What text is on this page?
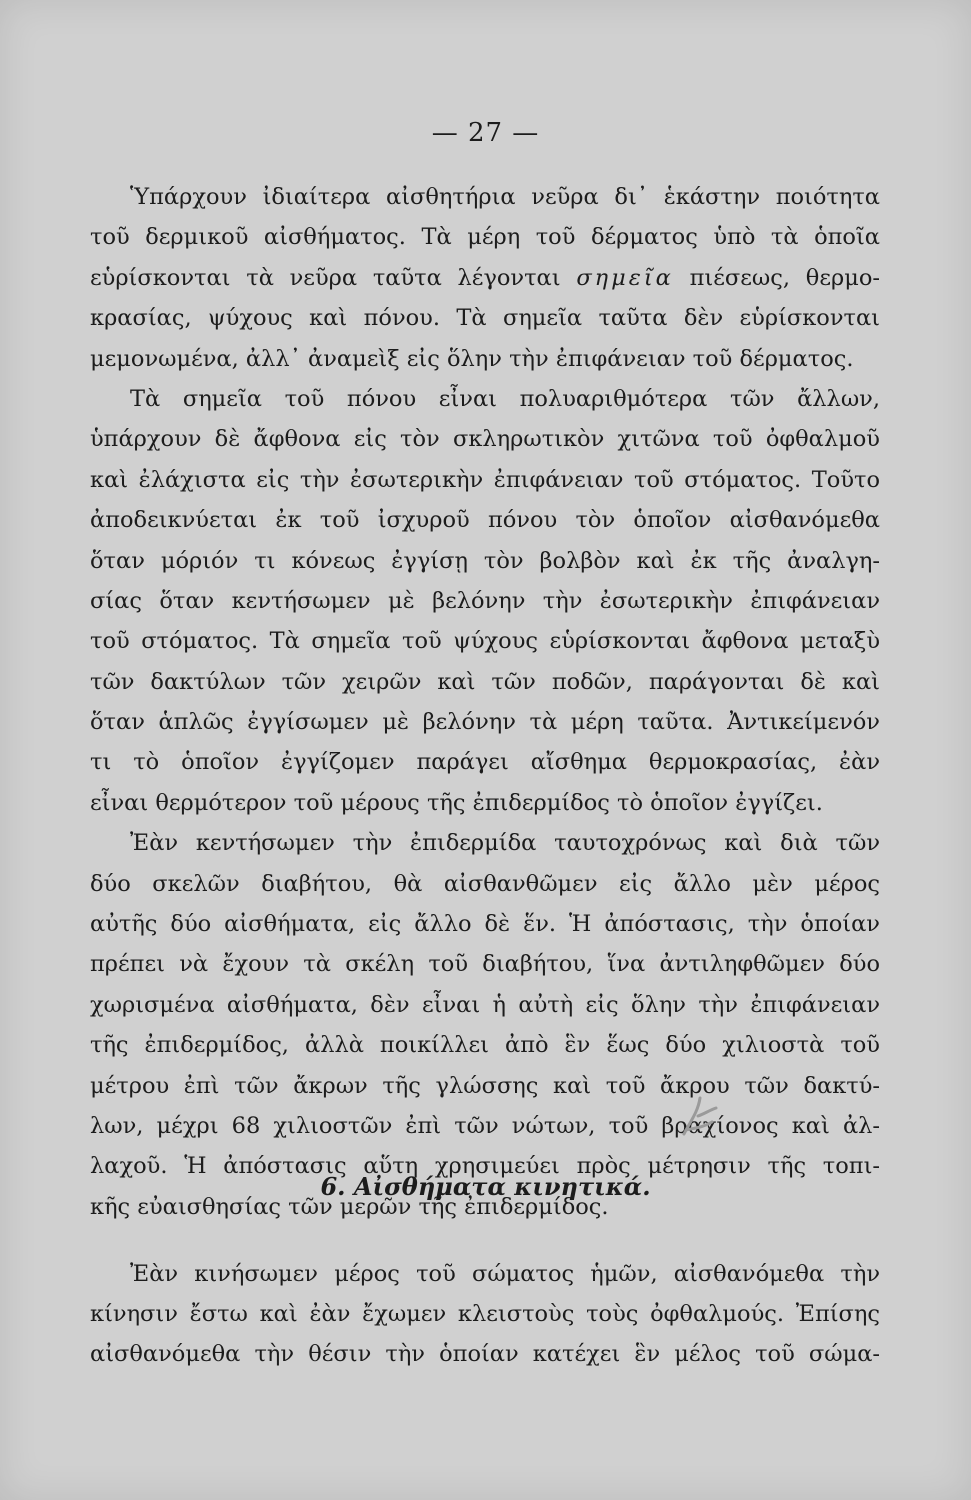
— 27 —
Ὑπάρχουν ἰδιαίτερα αἰσθητήρια νεῦρα δι᾽ ἑκάστην ποιότητα
τοῦ δερμικοῦ αἰσθήματος. Τὰ μέρη τοῦ δέρματος ὑπὸ τὰ ὁποῖα
εὑρίσκονται τὰ νεῦρα ταῦτα λέγονται σημεῖα πιέσεως, θερμο-
κρασίας, ψύχους καὶ πόνου. Τὰ σημεῖα ταῦτα δὲν εὑρίσκονται
μεμονωμένα, ἀλλ᾽ ἀναμεὶξ εἰς ὅλην τὴν ἐπιφάνειαν τοῦ δέρματος.
Τὰ σημεῖα τοῦ πόνου εἶναι πολυαριθμότερα τῶν ἄλλων,
ὑπάρχουν δὲ ἄφθονα εἰς τὸν σκληρωτικὸν χιτῶνα τοῦ ὀφθαλμοῦ
καὶ ἐλάχιστα εἰς τὴν ἐσωτερικὴν ἐπιφάνειαν τοῦ στόματος. Τοῦτο
ἀποδεικνύεται ἐκ τοῦ ἰσχυροῦ πόνου τὸν ὁποῖον αἰσθανόμεθα
ὅταν μόριόν τι κόνεως ἐγγίσῃ τὸν βολβὸν καὶ ἐκ τῆς ἀναλγη-
σίας ὅταν κεντήσωμεν μὲ βελόνην τὴν ἐσωτερικὴν ἐπιφάνειαν
τοῦ στόματος. Τὰ σημεῖα τοῦ ψύχους εὑρίσκονται ἄφθονα μεταξὺ
τῶν δακτύλων τῶν χειρῶν καὶ τῶν ποδῶν, παράγονται δὲ καὶ
ὅταν ἁπλῶς ἐγγίσωμεν μὲ βελόνην τὰ μέρη ταῦτα. Ἀντικείμενόν
τι τὸ ὁποῖον ἐγγίζομεν παράγει αἴσθημα θερμοκρασίας, ἐὰν
εἶναι θερμότερον τοῦ μέρους τῆς ἐπιδερμίδος τὸ ὁποῖον ἐγγίζει.
Ἐὰν κεντήσωμεν τὴν ἐπιδερμίδα ταυτοχρόνως καὶ διὰ τῶν
δύο σκελῶν διαβήτου, θὰ αἰσθανθῶμεν εἰς ἄλλο μὲν μέρος
αὐτῆς δύο αἰσθήματα, εἰς ἄλλο δὲ ἕν. Ἡ ἀπόστασις, τὴν ὁποίαν
πρέπει νὰ ἔχουν τὰ σκέλη τοῦ διαβήτου, ἵνα ἀντιληφθῶμεν δύο
χωρισμένα αἰσθήματα, δὲν εἶναι ἡ αὐτὴ εἰς ὅλην τὴν ἐπιφάνειαν
τῆς ἐπιδερμίδος, ἀλλὰ ποικίλλει ἀπὸ ἓν ἕως δύο χιλιοστὰ τοῦ
μέτρου ἐπὶ τῶν ἄκρων τῆς γλώσσης καὶ τοῦ ἄκρου τῶν δακτύ-
λων, μέχρι 68 χιλιοστῶν ἐπὶ τῶν νώτων, τοῦ βραχίονος καὶ ἀλ-
λαχοῦ. Ἡ ἀπόστασις αὕτη χρησιμεύει πρὸς μέτρησιν τῆς τοπι-
κῆς εὐαισθησίας τῶν μερῶν τῆς ἐπιδερμίδος.
6. Αἰσθήματα κινητικά.
Ἐὰν κινήσωμεν μέρος τοῦ σώματος ἡμῶν, αἰσθανόμεθα τὴν
κίνησιν ἔστω καὶ ἐὰν ἔχωμεν κλειστοὺς τοὺς ὀφθαλμούς. Ἐπίσης
αἰσθανόμεθα τὴν θέσιν τὴν ὁποίαν κατέχει ἓν μέλος τοῦ σώμα-
